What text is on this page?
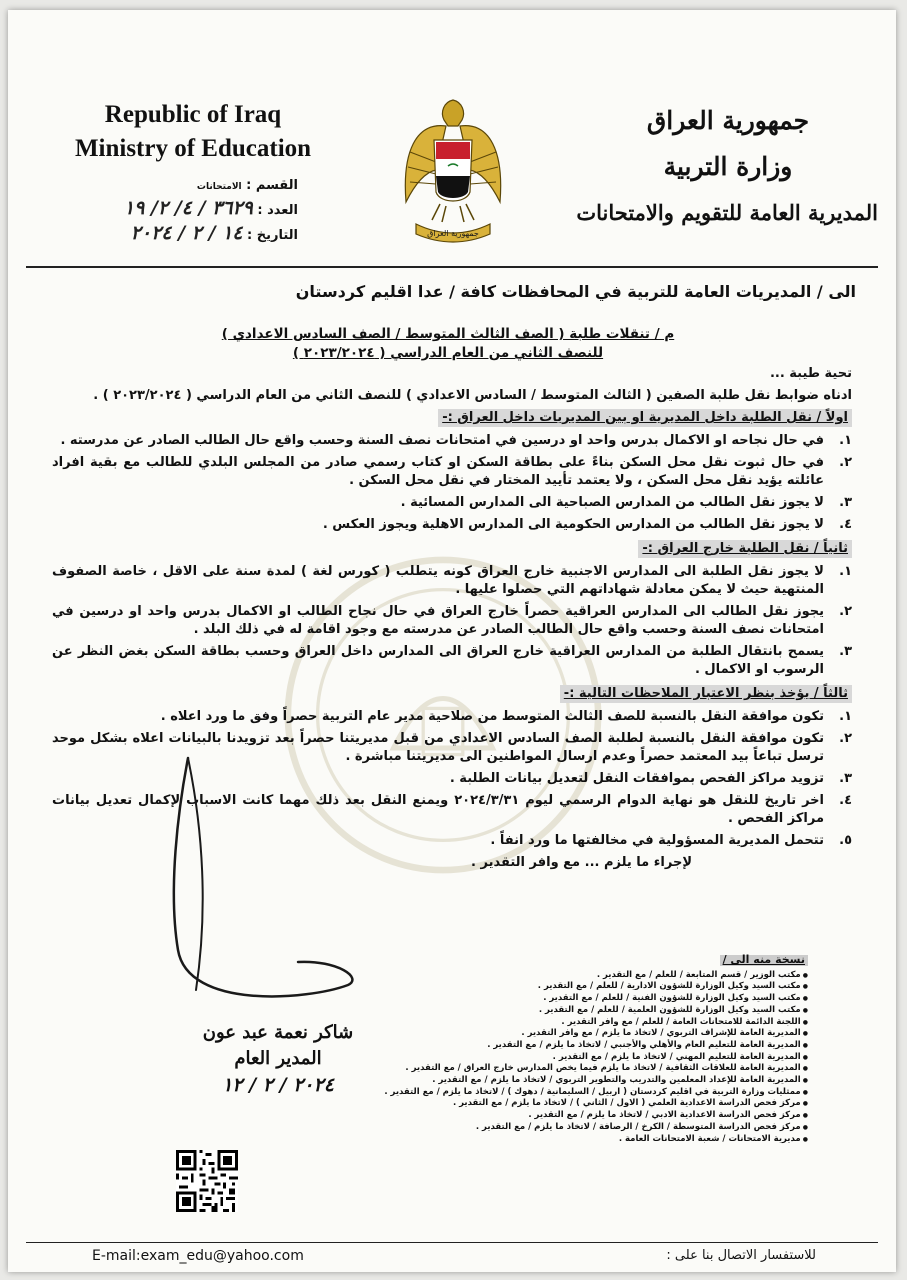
Republic of Iraq
Ministry of Education
جمهورية العراق
جمهورية العراق
وزارة التربية
المديرية العامة للتقويم والامتحانات
القسم : الامتحانات
العدد : ٣٦٢٩ / ٤/ ٢/ ١٩
التاريخ : ١٤ / ٢ / ٢٠٢٤
الى / المديريات العامة للتربية في المحافظات كافة / عدا اقليم كردستان
م / تنقلات طلبة ( الصف الثالث المتوسط / الصف السادس الاعدادي )
للنصف الثاني من العام الدراسي ( ٢٠٢٣/٢٠٢٤ )

تحية طيبة ...

ادناه ضوابط نقل طلبة الصفين ( الثالث المتوسط / السادس الاعدادي ) للنصف الثاني من العام الدراسي ( ٢٠٢٣/٢٠٢٤ ) .

اولاً / نقل الطلبة داخل المديرية او بين المديريات داخل العراق :-
١.
في حال نجاحه او الاكمال بدرس واحد او درسين في امتحانات نصف السنة وحسب واقع حال الطالب الصادر عن مدرسته .
٢.
في حال ثبوت نقل محل السكن بناءً على بطاقة السكن او كتاب رسمي صادر من المجلس البلدي للطالب مع بقية افراد عائلته يؤيد نقل محل السكن ، ولا يعتمد تأييد المختار في نقل محل السكن .
٣.
لا يجوز نقل الطالب من المدارس الصباحية الى المدارس المسائية .
٤.
لا يجوز نقل الطالب من المدارس الحكومية الى المدارس الاهلية ويجوز العكس .
ثانياً / نقل الطلبة خارج العراق :-
١.
لا يجوز نقل الطلبة الى المدارس الاجنبية خارج العراق كونه يتطلب ( كورس لغة ) لمدة سنة على الاقل ، خاصة الصفوف المنتهية حيث لا يمكن معادلة شهاداتهم التي حصلوا عليها .
٢.
يجوز نقل الطالب الى المدارس العراقية حصراً خارج العراق في حال نجاح الطالب او الاكمال بدرس واحد او درسين في امتحانات نصف السنة وحسب واقع حال الطالب الصادر عن مدرسته مع وجود اقامة له في ذلك البلد .
٣.
يسمح بانتقال الطلبة من المدارس العراقية خارج العراق الى المدارس داخل العراق وحسب بطاقة السكن بغض النظر عن الرسوب او الاكمال .
ثالثاً / يؤخذ بنظر الاعتبار الملاحظات التالية :-
١.
تكون موافقة النقل بالنسبة للصف الثالث المتوسط من صلاحية مدير عام التربية حصراً وفق ما ورد اعلاه .
٢.
تكون موافقة النقل بالنسبة لطلبة الصف السادس الاعدادي من قبل مديريتنا حصراً بعد تزويدنا بالبيانات اعلاه بشكل موحد ترسل تباعاً بيد المعتمد حصراً وعدم ارسال المواطنين الى مديريتنا مباشرة .
٣.
تزويد مراكز الفحص بموافقات النقل لتعديل بيانات الطلبة .
٤.
اخر تاريخ للنقل هو نهاية الدوام الرسمي ليوم ٢٠٢٤/٣/٣١ ويمنع النقل بعد ذلك مهما كانت الاسباب لإكمال تعديل بيانات مراكز الفحص .
٥.
تتحمل المديرية المسؤولية في مخالفتها ما ورد انفاً .

لإجراء ما يلزم ... مع وافر التقدير .

شاكر نعمة عبد عون
المدير العام
٢٠٢٤ / ٢ / ١٢
نسخة منه الى /
● مكتب الوزير / قسم المتابعة / للعلم / مع التقدير .
● مكتب السيد وكيل الوزارة للشؤون الادارية / للعلم / مع التقدير .
● مكتب السيد وكيل الوزارة للشؤون الفنية / للعلم / مع التقدير .
● مكتب السيد وكيل الوزارة للشؤون العلمية / للعلم / مع التقدير .
● اللجنة الدائمة للامتحانات العامة / للعلم / مع وافر التقدير .
● المديرية العامة للإشراف التربوي / لاتخاذ ما يلزم / مع وافر التقدير .
● المديرية العامة للتعليم العام والأهلي والأجنبي / لاتخاذ ما يلزم / مع التقدير .
● المديرية العامة للتعليم المهني / لاتخاذ ما يلزم / مع التقدير .
● المديرية العامة للعلاقات الثقافية / لاتخاذ ما يلزم فيما يخص المدارس خارج العراق / مع التقدير .
● المديرية العامة للإعداد المعلمين والتدريب والتطوير التربوي / لاتخاذ ما يلزم / مع التقدير .
● ممثليات وزارة التربية في اقليم كردستان ( اربيل / السليمانية / دهوك ) / لاتخاذ ما يلزم / مع التقدير .
● مركز فحص الدراسة الاعدادية العلمي ( الاول / الثاني ) / لاتخاذ ما يلزم / مع التقدير .
● مركز فحص الدراسة الاعدادية الادبي / لاتخاذ ما يلزم / مع التقدير .
● مركز فحص الدراسة المتوسطة / الكرخ / الرصافة / لاتخاذ ما يلزم / مع التقدير .
● مديرية الامتحانات / شعبة الامتحانات العامة .
E-mail:exam_edu@yahoo.com	للاستفسار الاتصال بنا على :
